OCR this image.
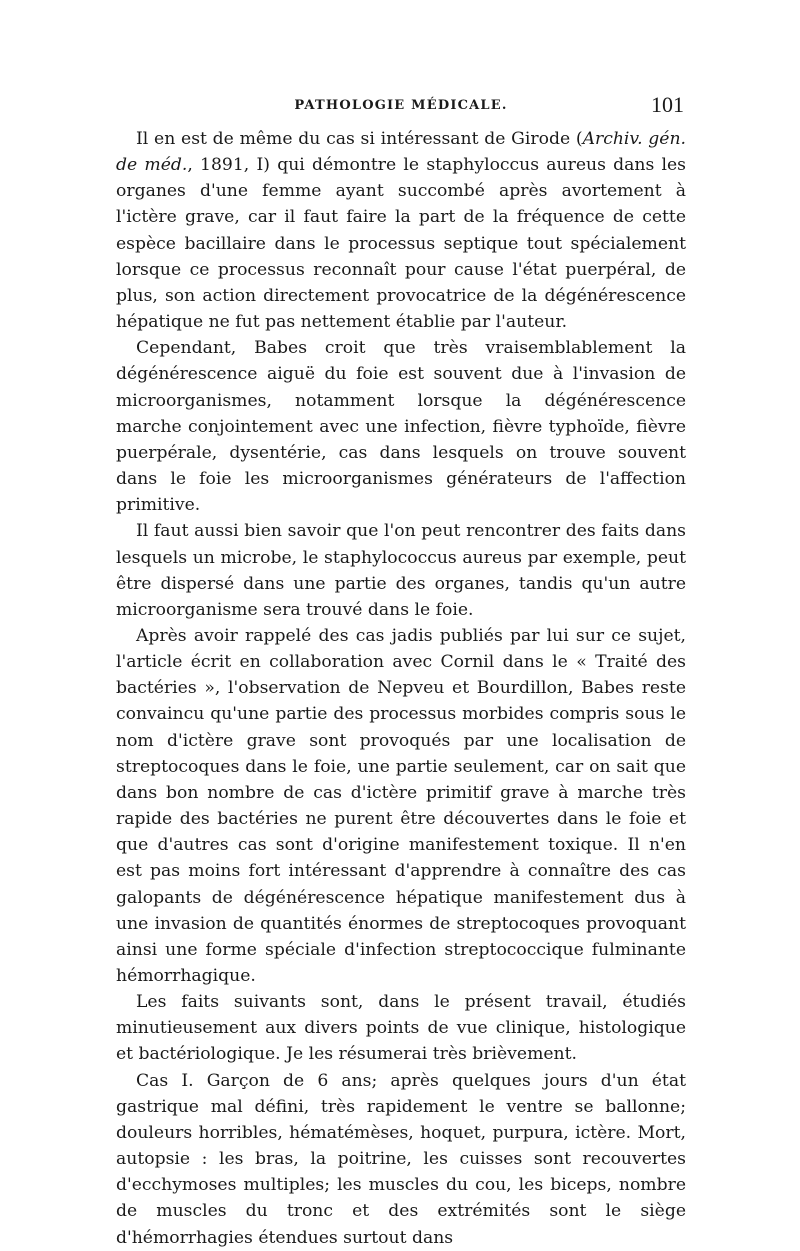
PATHOLOGIE MÉDICALE.	101

Il en est de même du cas si intéressant de Girode (Archiv. gén. de méd., 1891, I) qui démontre le staphyloccus aureus dans les organes d'une femme ayant succombé après avortement à l'ictère grave, car il faut faire la part de la fréquence de cette espèce bacillaire dans le processus septique tout spécialement lorsque ce processus reconnaît pour cause l'état puerpéral, de plus, son action directement provocatrice de la dégénérescence hépatique ne fut pas nettement établie par l'auteur.

Cependant, Babes croit que très vraisemblablement la dégénérescence aiguë du foie est souvent due à l'invasion de microorganismes, notamment lorsque la dégénérescence marche conjointement avec une infection, fièvre typhoïde, fièvre puerpérale, dysentérie, cas dans lesquels on trouve souvent dans le foie les microorganismes générateurs de l'affection primitive.

Il faut aussi bien savoir que l'on peut rencontrer des faits dans lesquels un microbe, le staphylococcus aureus par exemple, peut être dispersé dans une partie des organes, tandis qu'un autre microorganisme sera trouvé dans le foie.

Après avoir rappelé des cas jadis publiés par lui sur ce sujet, l'article écrit en collaboration avec Cornil dans le « Traité des bactéries », l'observation de Nepveu et Bourdillon, Babes reste convaincu qu'une partie des processus morbides compris sous le nom d'ictère grave sont provoqués par une localisation de streptocoques dans le foie, une partie seulement, car on sait que dans bon nombre de cas d'ictère primitif grave à marche très rapide des bactéries ne purent être découvertes dans le foie et que d'autres cas sont d'origine manifestement toxique. Il n'en est pas moins fort intéressant d'apprendre à connaître des cas galopants de dégénérescence hépatique manifestement dus à une invasion de quantités énormes de streptocoques provoquant ainsi une forme spéciale d'infection streptococcique fulminante hémorrhagique.

Les faits suivants sont, dans le présent travail, étudiés minutieusement aux divers points de vue clinique, histologique et bactériologique. Je les résumerai très brièvement.

Cas I. Garçon de 6 ans; après quelques jours d'un état gastrique mal défini, très rapidement le ventre se ballonne; douleurs horribles, hématémèses, hoquet, purpura, ictère. Mort, autopsie : les bras, la poitrine, les cuisses sont recouvertes d'ecchymoses multiples; les muscles du cou, les biceps, nombre de muscles du tronc et des extrémités sont le siège d'hémorrhagies étendues surtout dans
